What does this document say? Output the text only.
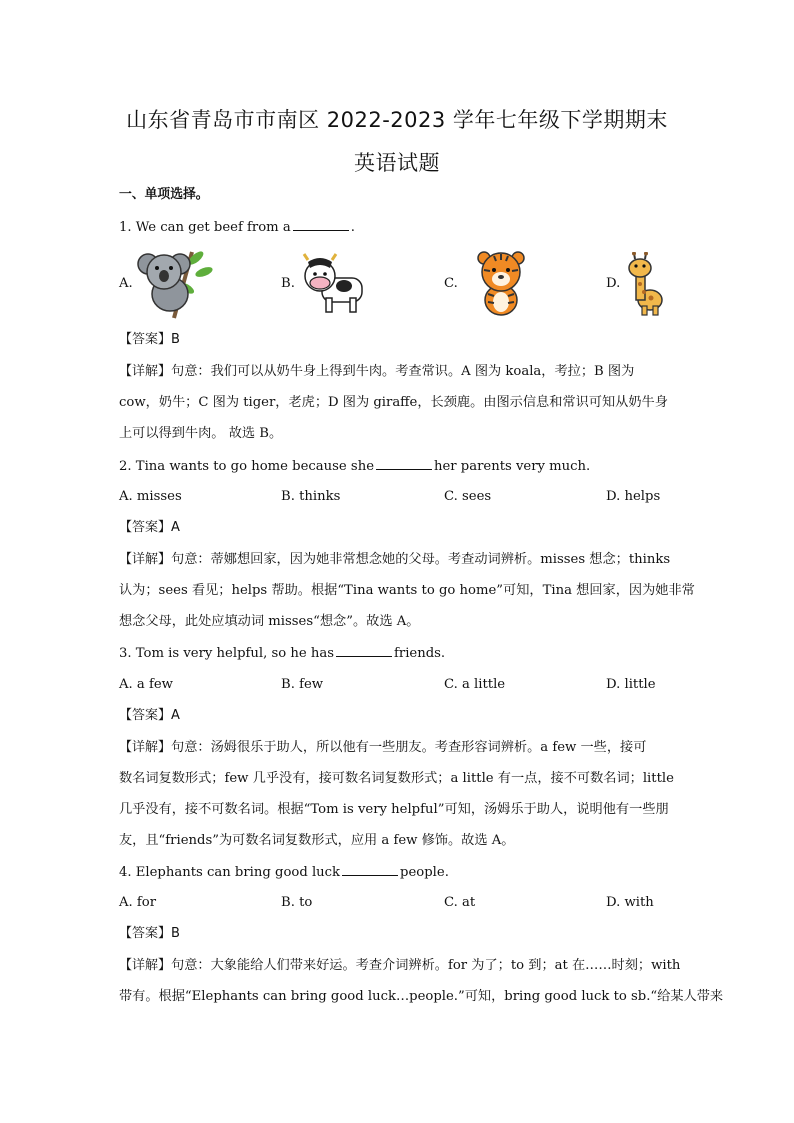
山东省青岛市市南区 2022-2023 学年七年级下学期期末
英语试题
一、单项选择。
1. We can get beef from a	.
A.	B.	C.	D.
【答案】B
【详解】句意：我们可以从奶牛身上得到牛肉。考查常识。A 图为 koala，考拉；B 图为
cow，奶牛；C 图为 tiger，老虎；D 图为 giraffe，长颈鹿。由图示信息和常识可知从奶牛身
上可以得到牛肉。 故选 B。
2. Tina wants to go home because she	her parents very much.
A. misses	B. thinks	C. sees	D. helps
【答案】A
【详解】句意：蒂娜想回家，因为她非常想念她的父母。考查动词辨析。misses 想念；thinks
认为；sees 看见；helps 帮助。根据“Tina wants to go home”可知，Tina 想回家，因为她非常
想念父母，此处应填动词 misses“想念”。故选 A。
3. Tom is very helpful, so he has	friends.
A. a few	B. few	C. a little	D. little
【答案】A
【详解】句意：汤姆很乐于助人，所以他有一些朋友。考查形容词辨析。a few 一些，接可
数名词复数形式；few 几乎没有，接可数名词复数形式；a little 有一点，接不可数名词；little
几乎没有，接不可数名词。根据“Tom is very helpful”可知，汤姆乐于助人，说明他有一些朋
友，且“friends”为可数名词复数形式，应用 a few 修饰。故选 A。
4. Elephants can bring good luck	people.
A. for	B. to	C. at	D. with
【答案】B
【详解】句意：大象能给人们带来好运。考查介词辨析。for 为了；to 到；at 在……时刻；with
带有。根据“Elephants can bring good luck…people.”可知，bring good luck to sb.“给某人带来
